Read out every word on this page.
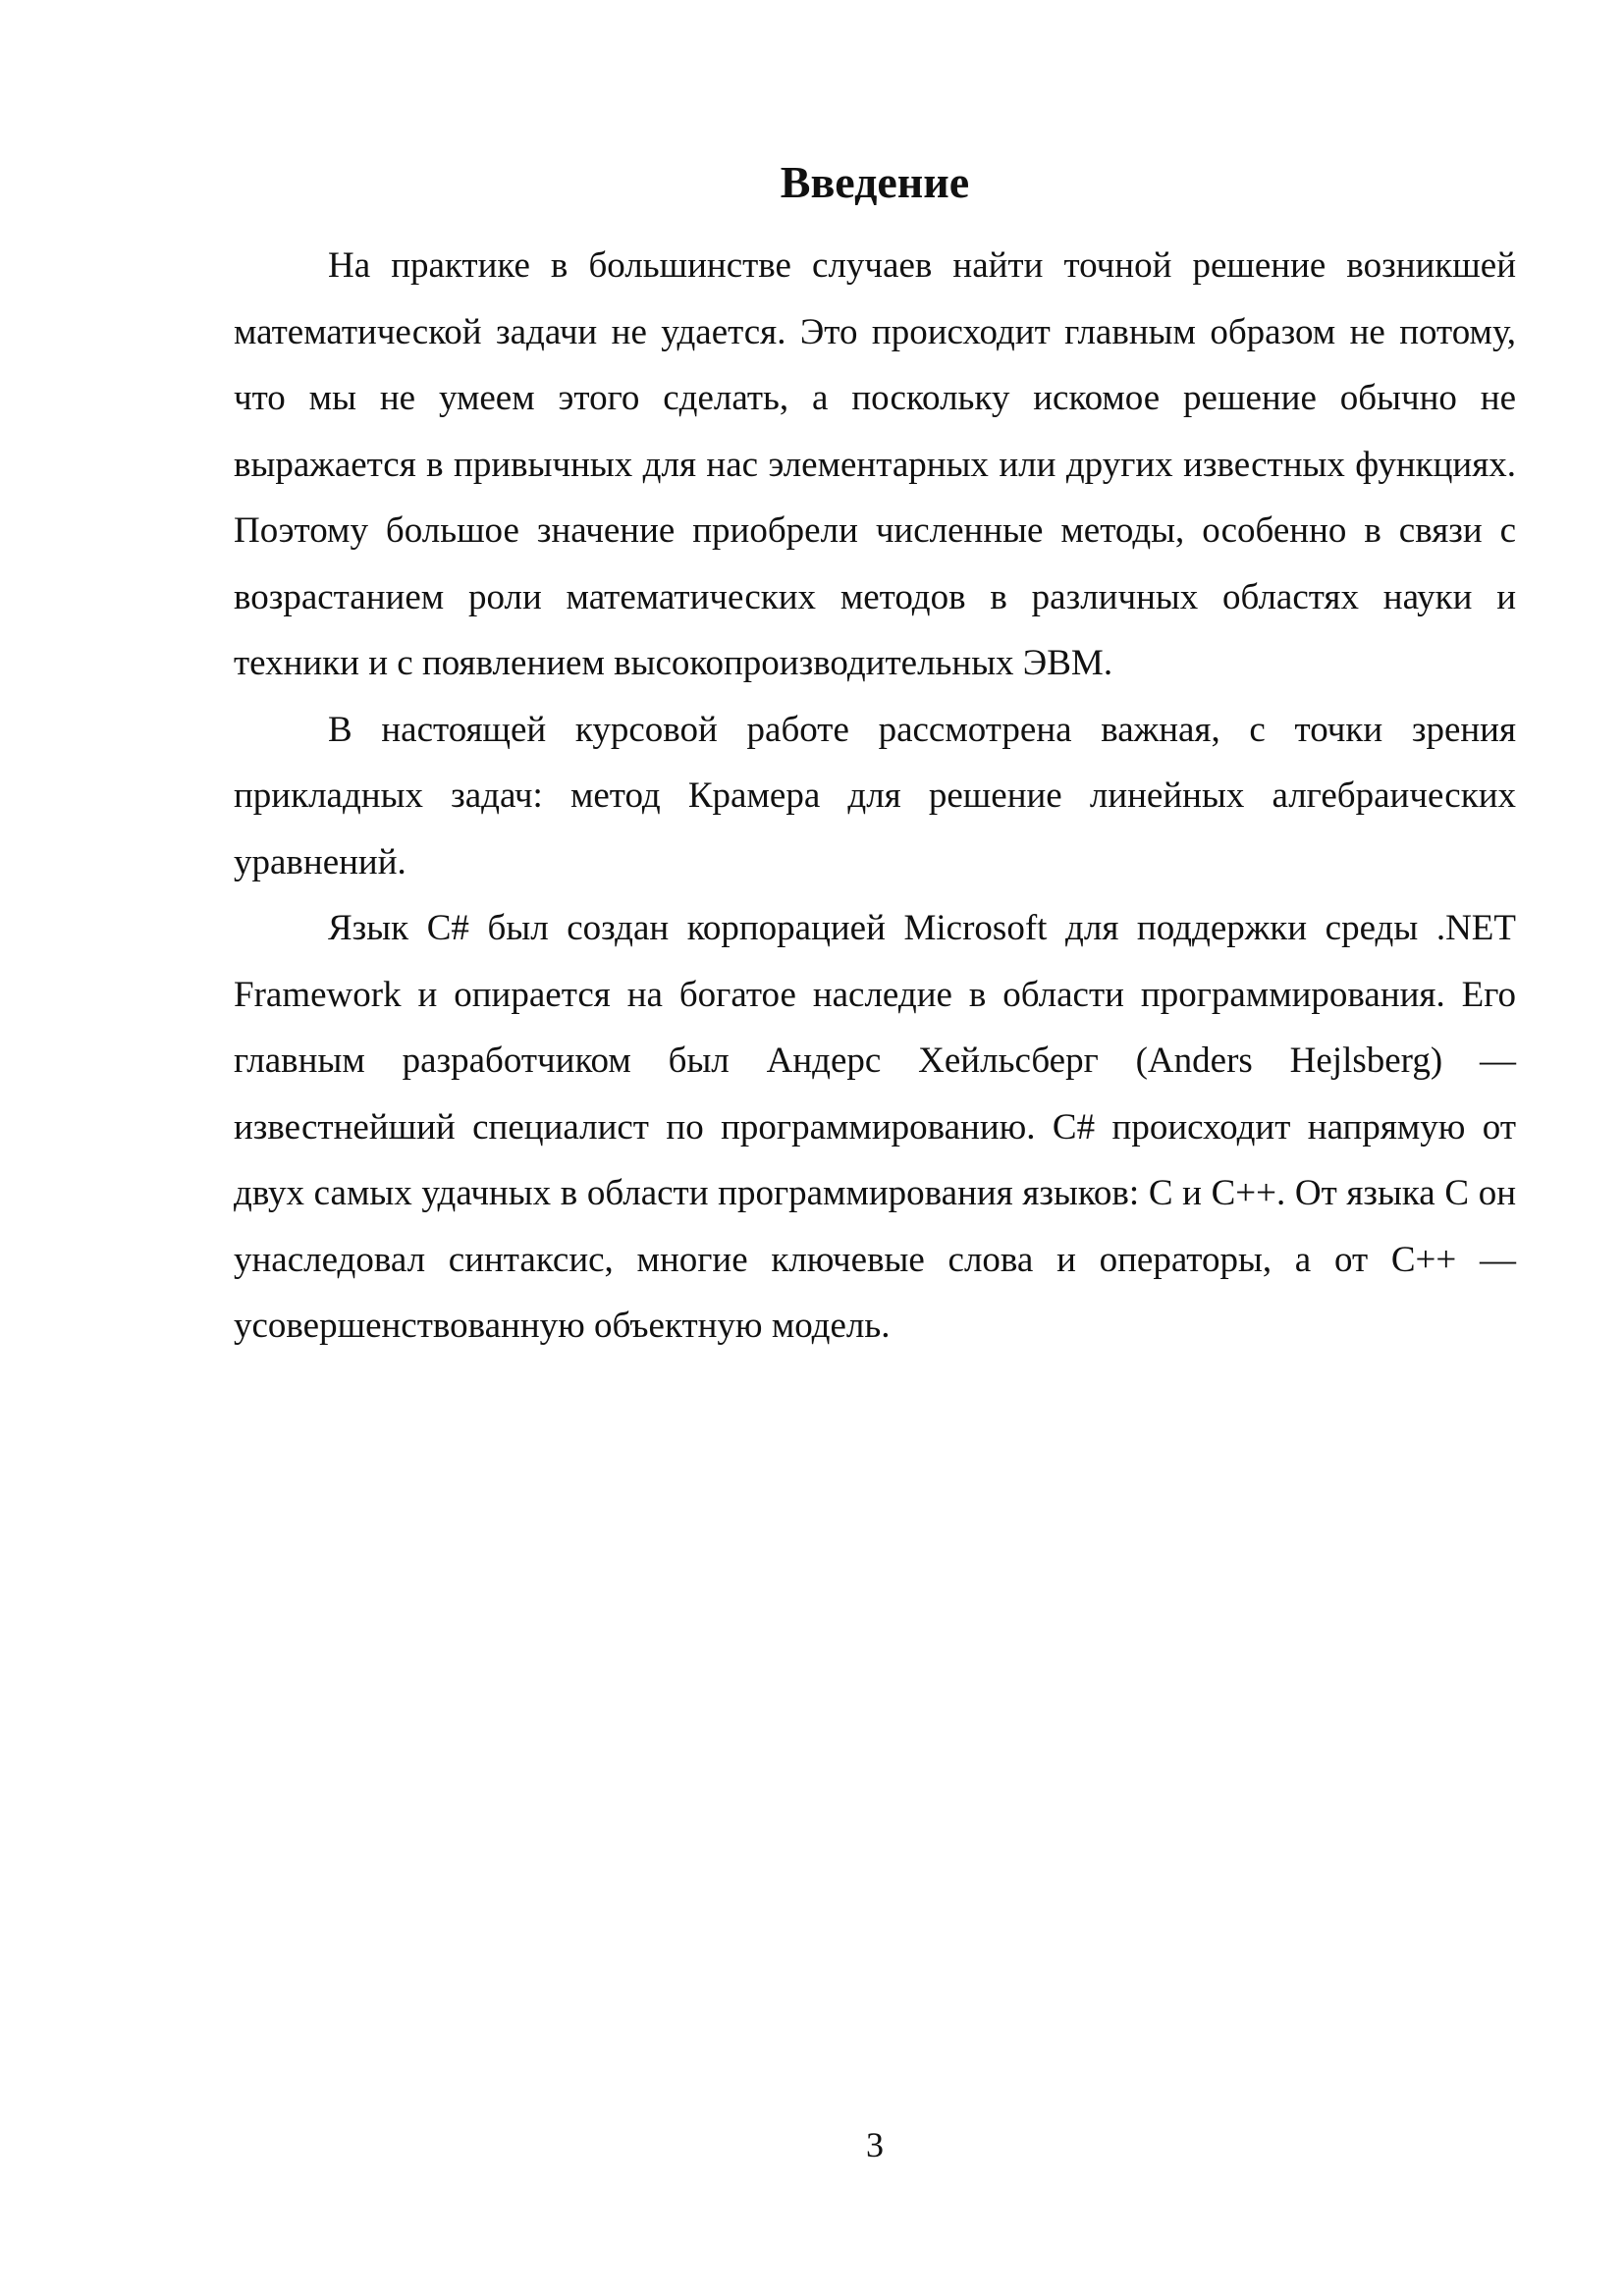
Введение

На практике в большинстве случаев найти точной решение возникшей математической задачи не удается. Это происходит главным образом не потому, что мы не умеем этого сделать, а поскольку искомое решение обычно не выражается в привычных для нас элементарных или других известных функциях. Поэтому большое значение приобрели численные методы, особенно в связи с возрастанием роли математических методов в различных областях науки и техники и с появлением высокопроизводительных ЭВМ.

В настоящей курсовой работе рассмотрена важная, с точки зрения прикладных задач: метод Крамера для решение линейных алгебраических уравнений.

Язык C# был создан корпорацией Microsoft для поддержки среды .NET Framework и опирается на богатое наследие в области программирования. Его главным разработчиком был Андерс Хейльсберг (Anders Hejlsberg) — известнейший специалист по программированию. C# происходит напрямую от двух самых удачных в области программирования языков: C и C++. От языка C он унаследовал синтаксис, многие ключевые слова и операторы, а от C++ — усовершенствованную объектную модель.

3
